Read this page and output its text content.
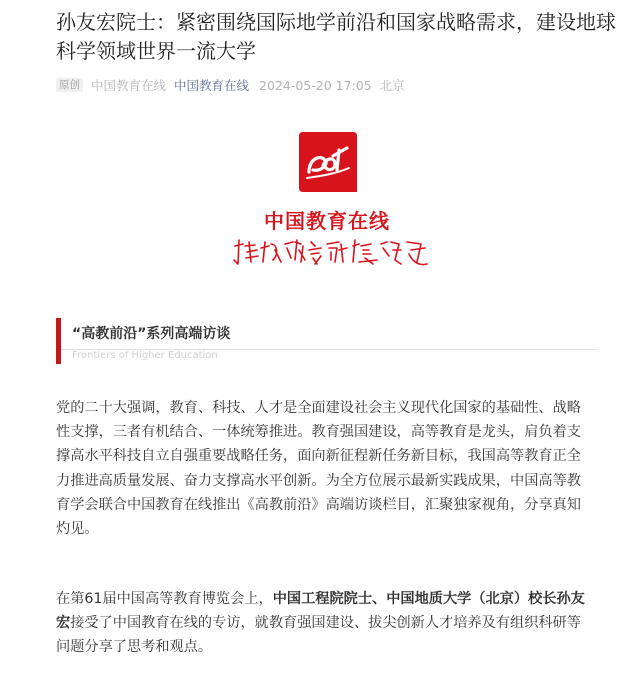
孙友宏院士：紧密围绕国际地学前沿和国家战略需求，建设地球科学领域世界一流大学
原创 中国教育在线 中国教育在线 2024-05-20 17:05 北京
中国教育在线
“高教前沿”系列高端访谈
Frontiers of Higher Education

党的二十大强调，教育、科技、人才是全面建设社会主义现代化国家的基础性、战略
性支撑，三者有机结合、一体统筹推进。教育强国建设，高等教育是龙头，肩负着支
撑高水平科技自立自强重要战略任务，面向新征程新任务新目标，我国高等教育正全
力推进高质量发展、奋力支撑高水平创新。为全方位展示最新实践成果，中国高等教
育学会联合中国教育在线推出《高教前沿》高端访谈栏目，汇聚独家视角，分享真知
灼见。

在第61届中国高等教育博览会上，中国工程院院士、中国地质大学（北京）校长孙友
宏接受了中国教育在线的专访，就教育强国建设、拔尖创新人才培养及有组织科研等
问题分享了思考和观点。
